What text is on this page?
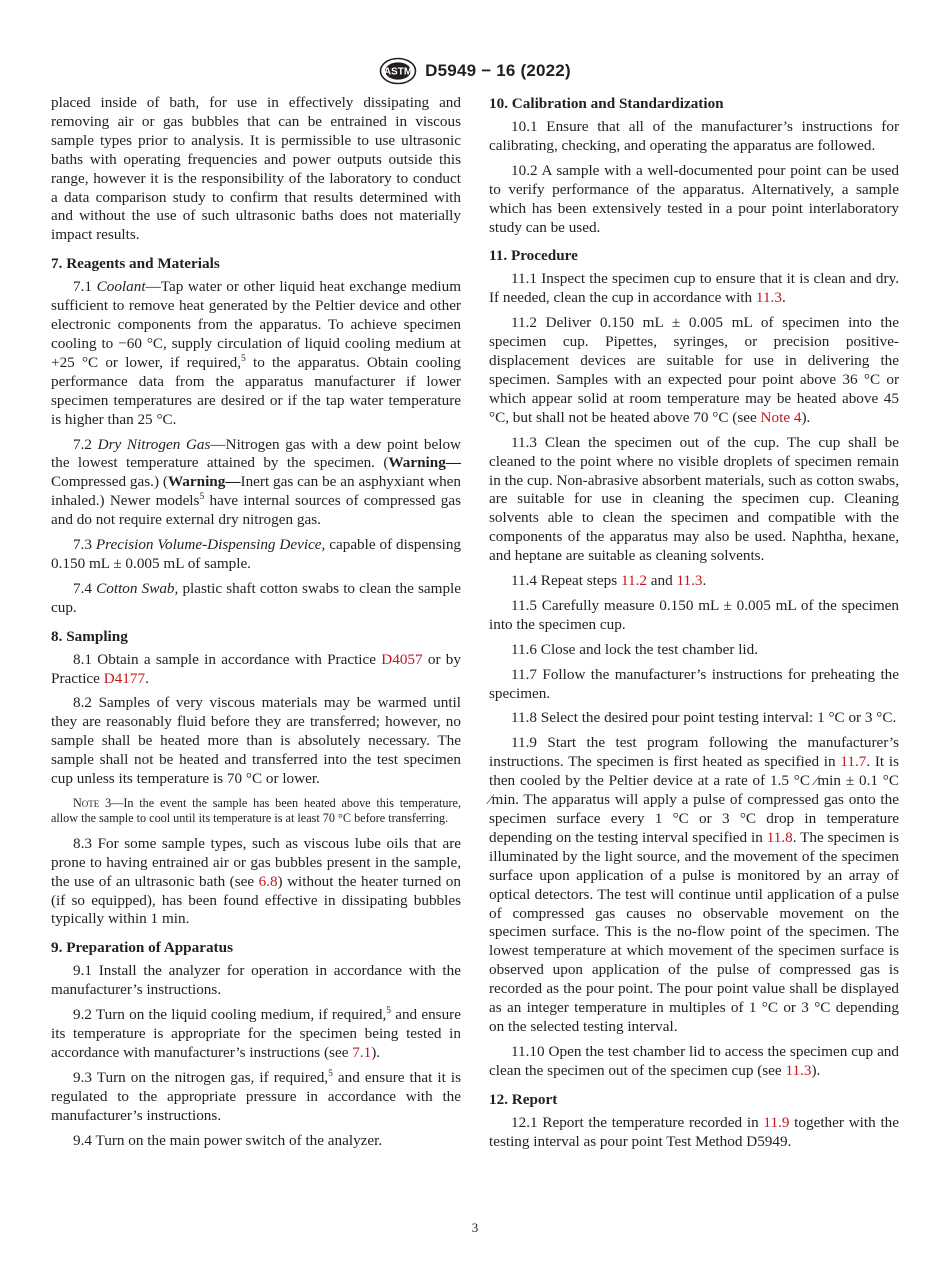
ASTM D5949 − 16 (2022)

placed inside of bath, for use in effectively dissipating and removing air or gas bubbles that can be entrained in viscous sample types prior to analysis. It is permissible to use ultrasonic baths with operating frequencies and power outputs outside this range, however it is the responsibility of the laboratory to conduct a data comparison study to confirm that results determined with and without the use of such ultrasonic baths does not materially impact results.

7. Reagents and Materials

7.1 Coolant—Tap water or other liquid heat exchange medium sufficient to remove heat generated by the Peltier device and other electronic components from the apparatus. To achieve specimen cooling to −60 °C, supply circulation of liquid cooling medium at +25 °C or lower, if required,$^5$ to the apparatus. Obtain cooling performance data from the apparatus manufacturer if lower specimen temperatures are desired or if the tap water temperature is higher than 25 °C.

7.2 Dry Nitrogen Gas—Nitrogen gas with a dew point below the lowest temperature attained by the specimen. (Warning—Compressed gas.) (Warning—Inert gas can be an asphyxiant when inhaled.) Newer models$^5$ have internal sources of compressed gas and do not require external dry nitrogen gas.

7.3 Precision Volume-Dispensing Device, capable of dispensing 0.150 mL ± 0.005 mL of sample.

7.4 Cotton Swab, plastic shaft cotton swabs to clean the sample cup.

8. Sampling

8.1 Obtain a sample in accordance with Practice D4057 or by Practice D4177.

8.2 Samples of very viscous materials may be warmed until they are reasonably fluid before they are transferred; however, no sample shall be heated more than is absolutely necessary. The sample shall not be heated and transferred into the test specimen cup unless its temperature is 70 °C or lower.

Note 3—In the event the sample has been heated above this temperature, allow the sample to cool until its temperature is at least 70 °C before transferring.

8.3 For some sample types, such as viscous lube oils that are prone to having entrained air or gas bubbles present in the sample, the use of an ultrasonic bath (see 6.8) without the heater turned on (if so equipped), has been found effective in dissipating bubbles typically within 1 min.

9. Preparation of Apparatus

9.1 Install the analyzer for operation in accordance with the manufacturer’s instructions.

9.2 Turn on the liquid cooling medium, if required,$^5$ and ensure its temperature is appropriate for the specimen being tested in accordance with manufacturer’s instructions (see 7.1).

9.3 Turn on the nitrogen gas, if required,$^5$ and ensure that it is regulated to the appropriate pressure in accordance with the manufacturer’s instructions.

9.4 Turn on the main power switch of the analyzer.

10. Calibration and Standardization

10.1 Ensure that all of the manufacturer’s instructions for calibrating, checking, and operating the apparatus are followed.

10.2 A sample with a well-documented pour point can be used to verify performance of the apparatus. Alternatively, a sample which has been extensively tested in a pour point interlaboratory study can be used.

11. Procedure

11.1 Inspect the specimen cup to ensure that it is clean and dry. If needed, clean the cup in accordance with 11.3.

11.2 Deliver 0.150 mL ± 0.005 mL of specimen into the specimen cup. Pipettes, syringes, or precision positive-displacement devices are suitable for use in delivering the specimen. Samples with an expected pour point above 36 °C or which appear solid at room temperature may be heated above 45 °C, but shall not be heated above 70 °C (see Note 4).

11.3 Clean the specimen out of the cup. The cup shall be cleaned to the point where no visible droplets of specimen remain in the cup. Non-abrasive absorbent materials, such as cotton swabs, are suitable for use in cleaning the specimen cup. Cleaning solvents able to clean the specimen and compatible with the components of the apparatus may also be used. Naphtha, hexane, and heptane are suitable as cleaning solvents.

11.4 Repeat steps 11.2 and 11.3.

11.5 Carefully measure 0.150 mL ± 0.005 mL of the specimen into the specimen cup.

11.6 Close and lock the test chamber lid.

11.7 Follow the manufacturer’s instructions for preheating the specimen.

11.8 Select the desired pour point testing interval: 1 °C or 3 °C.

11.9 Start the test program following the manufacturer’s instructions. The specimen is first heated as specified in 11.7. It is then cooled by the Peltier device at a rate of 1.5 °C ⁄min ± 0.1 °C ⁄min. The apparatus will apply a pulse of compressed gas onto the specimen surface every 1 °C or 3 °C drop in temperature depending on the testing interval specified in 11.8. The specimen is illuminated by the light source, and the movement of the specimen surface upon application of a pulse is monitored by an array of optical detectors. The test will continue until application of a pulse of compressed gas causes no observable movement on the specimen surface. This is the no-flow point of the specimen. The lowest temperature at which movement of the specimen surface is observed upon application of the pulse of compressed gas is recorded as the pour point. The pour point value shall be displayed as an integer temperature in multiples of 1 °C or 3 °C depending on the selected testing interval.

11.10 Open the test chamber lid to access the specimen cup and clean the specimen out of the specimen cup (see 11.3).

12. Report

12.1 Report the temperature recorded in 11.9 together with the testing interval as pour point Test Method D5949.

3
